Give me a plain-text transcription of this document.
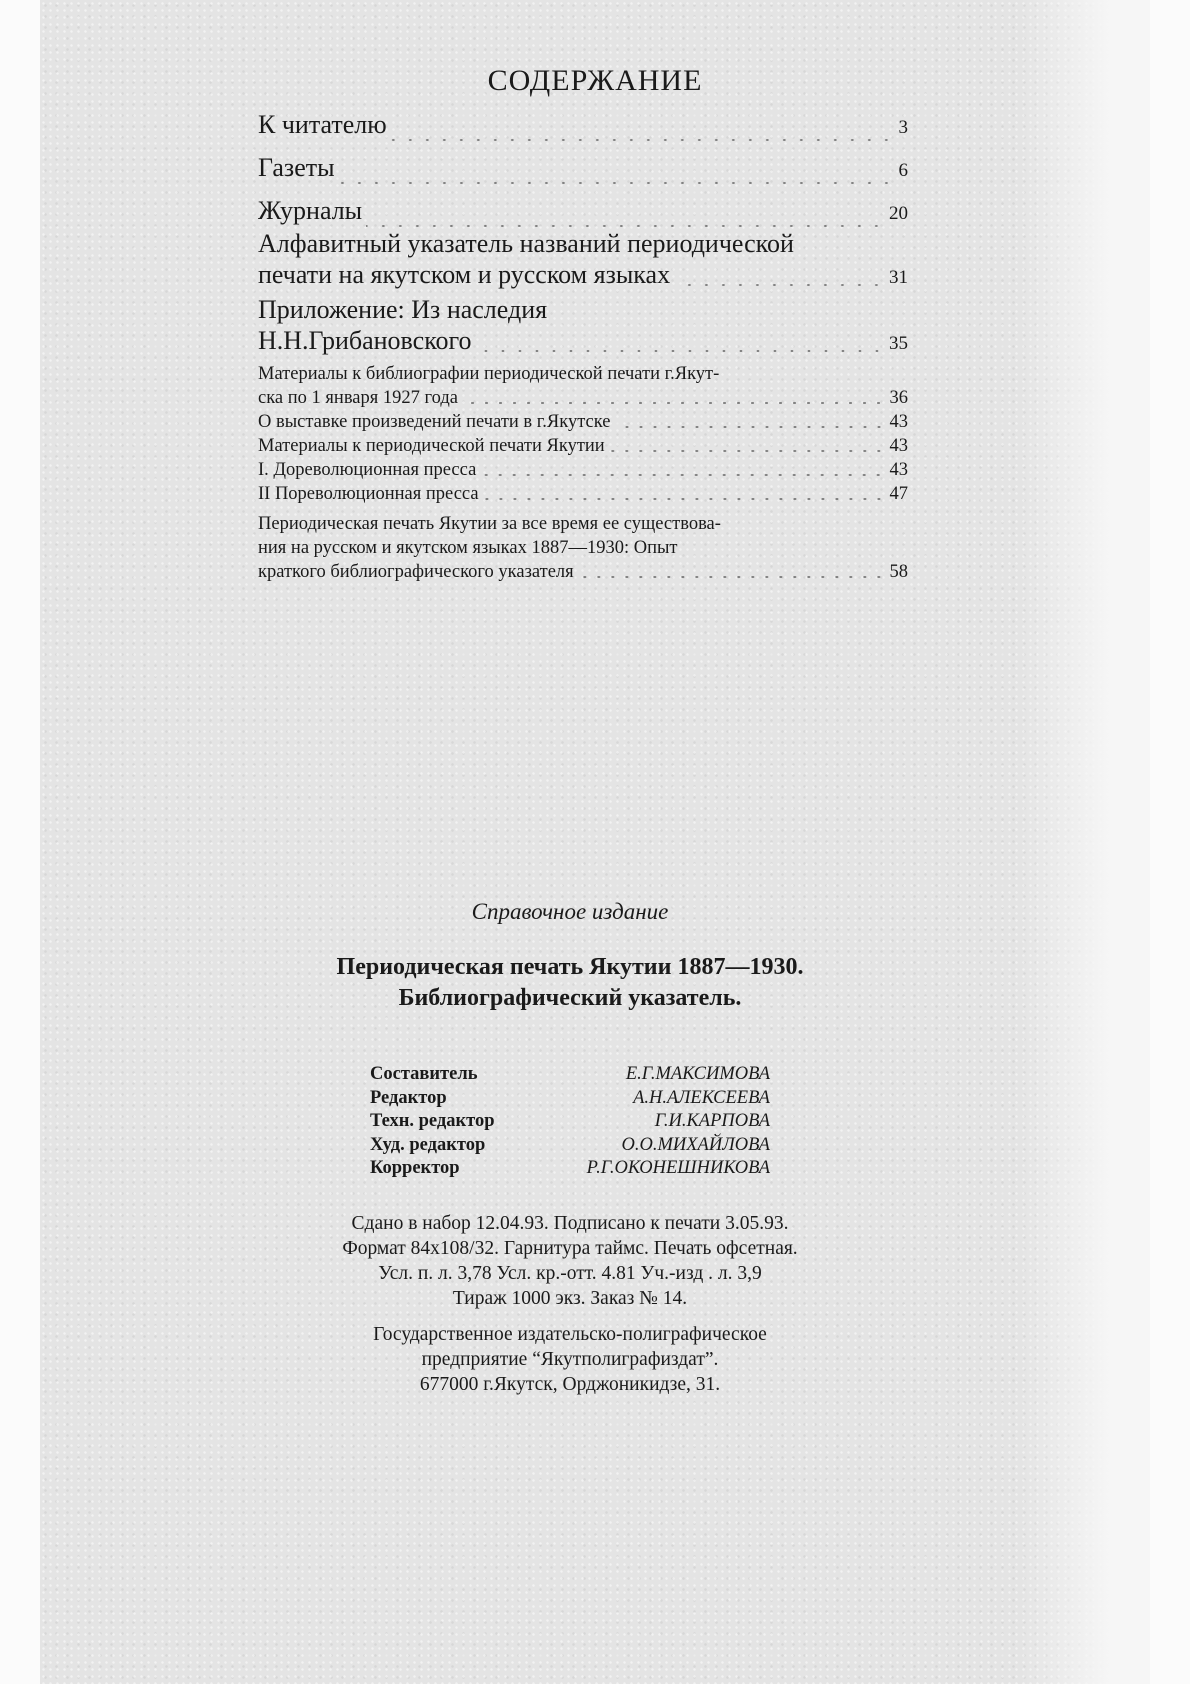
СОДЕРЖАНИЕ
К читателю	3
Газеты	6
Журналы	20
Алфавитный указатель названий периодической
печати на якутском и русском языках	31
Приложение: Из наследия
Н.Н.Грибановского	35
Материалы к библиографии периодической печати г.Якут-
ска по 1 января 1927 года	36
О выставке произведений печати в г.Якутске	43
Материалы к периодической печати Якутии	43
I. Дореволюционная пресса	43
II Пореволюционная пресса	47
Периодическая печать Якутии за все время ее существова-
ния на русском и якутском языках 1887—1930: Опыт
краткого библиографического указателя	58
Справочное издание
Периодическая печать Якутии 1887—1930.
Библиографический указатель.
Составитель	Е.Г.МАКСИМОВА
Редактор	А.Н.АЛЕКСЕЕВА
Техн. редактор	Г.И.КАРПОВА
Худ. редактор	О.О.МИХАЙЛОВА
Корректор	Р.Г.ОКОНЕШНИКОВА
Сдано в набор 12.04.93. Подписано к печати 3.05.93.
Формат 84x108/32. Гарнитура таймс. Печать офсетная.
Усл. п. л. 3,78 Усл. кр.-отт. 4.81 Уч.-изд . л. 3,9
Тираж 1000 экз. Заказ № 14.
Государственное издательско-полиграфическое
предприятие “Якутполиграфиздат”.
677000 г.Якутск, Орджоникидзе, 31.
